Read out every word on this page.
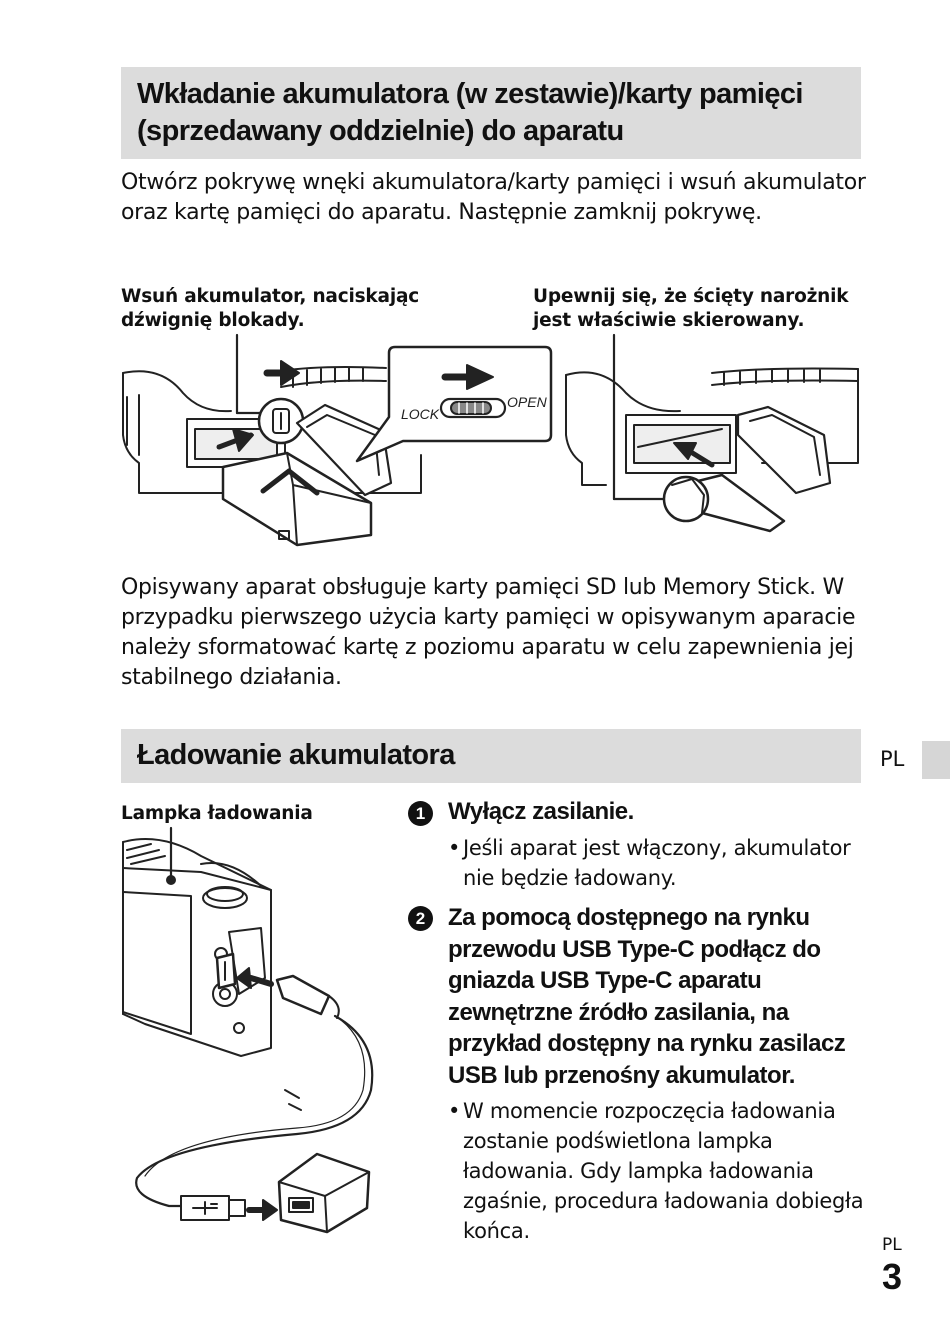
Wkładanie akumulatora (w zestawie)/karty pamięci (sprzedawany oddzielnie) do aparatu

Otwórz pokrywę wnęki akumulatora/karty pamięci i wsuń akumulator oraz kartę pamięci do aparatu. Następnie zamknij pokrywę.

Wsuń akumulator, naciskając dźwignię blokady.

Upewnij się, że ścięty narożnik jest właściwie skierowany.

LOCK
OPEN

Opisywany aparat obsługuje karty pamięci SD lub Memory Stick. W przypadku pierwszego użycia karty pamięci w opisywanym aparacie należy sformatować kartę z poziomu aparatu w celu zapewnienia jej stabilnego działania.

Ładowanie akumulatora	PL

Lampka ładowania	1 Wyłącz zasilanie.

• Jeśli aparat jest włączony, akumulator nie będzie ładowany.
2 Za pomocą dostępnego na rynku przewodu USB Type-C podłącz do gniazda USB Type-C aparatu zewnętrzne źródło zasilania, na przykład dostępny na rynku zasilacz USB lub przenośny akumulator.

• W momencie rozpoczęcia ładowania zostanie podświetlona lampka ładowania. Gdy lampka ładowania zgaśnie, procedura ładowania dobiegła końca.
PL
3
